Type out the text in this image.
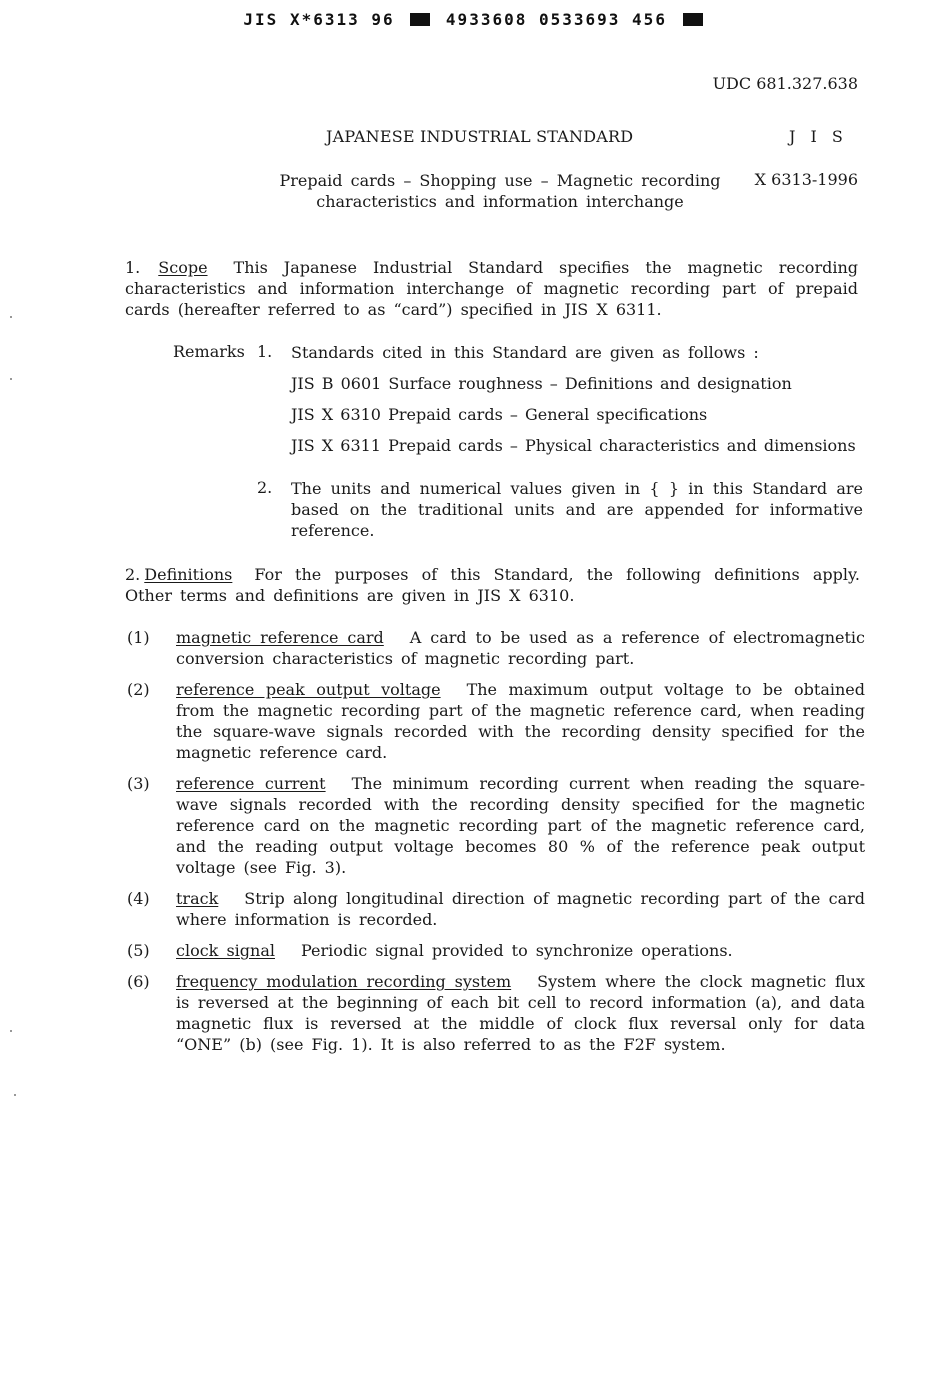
JIS X*6313 96	4933608 0533693 456
UDC 681.327.638
JAPANESE INDUSTRIAL STANDARD	J I S
Prepaid cards – Shopping use – Magnetic recording
characteristics and information interchange
X 6313-1996
1. Scope This Japanese Industrial Standard specifies the magnetic recording characteristics and information interchange of magnetic recording part of prepaid cards (hereafter referred to as “card”) specified in JIS X 6311.
Remarks 1. Standards cited in this Standard are given as follows :
JIS B 0601 Surface roughness – Definitions and designation
JIS X 6310 Prepaid cards – General specifications
JIS X 6311 Prepaid cards – Physical characteristics and dimensions
2. The units and numerical values given in { } in this Standard are based on the traditional units and are appended for informative reference.
2. Definitions For the purposes of this Standard, the following definitions apply. Other terms and definitions are given in JIS X 6310.
(1) magnetic reference card A card to be used as a reference of electromagnetic conversion characteristics of magnetic recording part.
(2) reference peak output voltage The maximum output voltage to be obtained from the magnetic recording part of the magnetic reference card, when reading the square-wave signals recorded with the recording density specified for the magnetic reference card.
(3) reference current The minimum recording current when reading the square-wave signals recorded with the recording density specified for the magnetic reference card on the magnetic recording part of the magnetic reference card, and the reading output voltage becomes 80 % of the reference peak output voltage (see Fig. 3).
(4) track Strip along longitudinal direction of magnetic recording part of the card where information is recorded.
(5) clock signal Periodic signal provided to synchronize operations.
(6) frequency modulation recording system System where the clock magnetic flux is reversed at the beginning of each bit cell to record information (a), and data magnetic flux is reversed at the middle of clock flux reversal only for data “ONE” (b) (see Fig. 1). It is also referred to as the F2F system.
